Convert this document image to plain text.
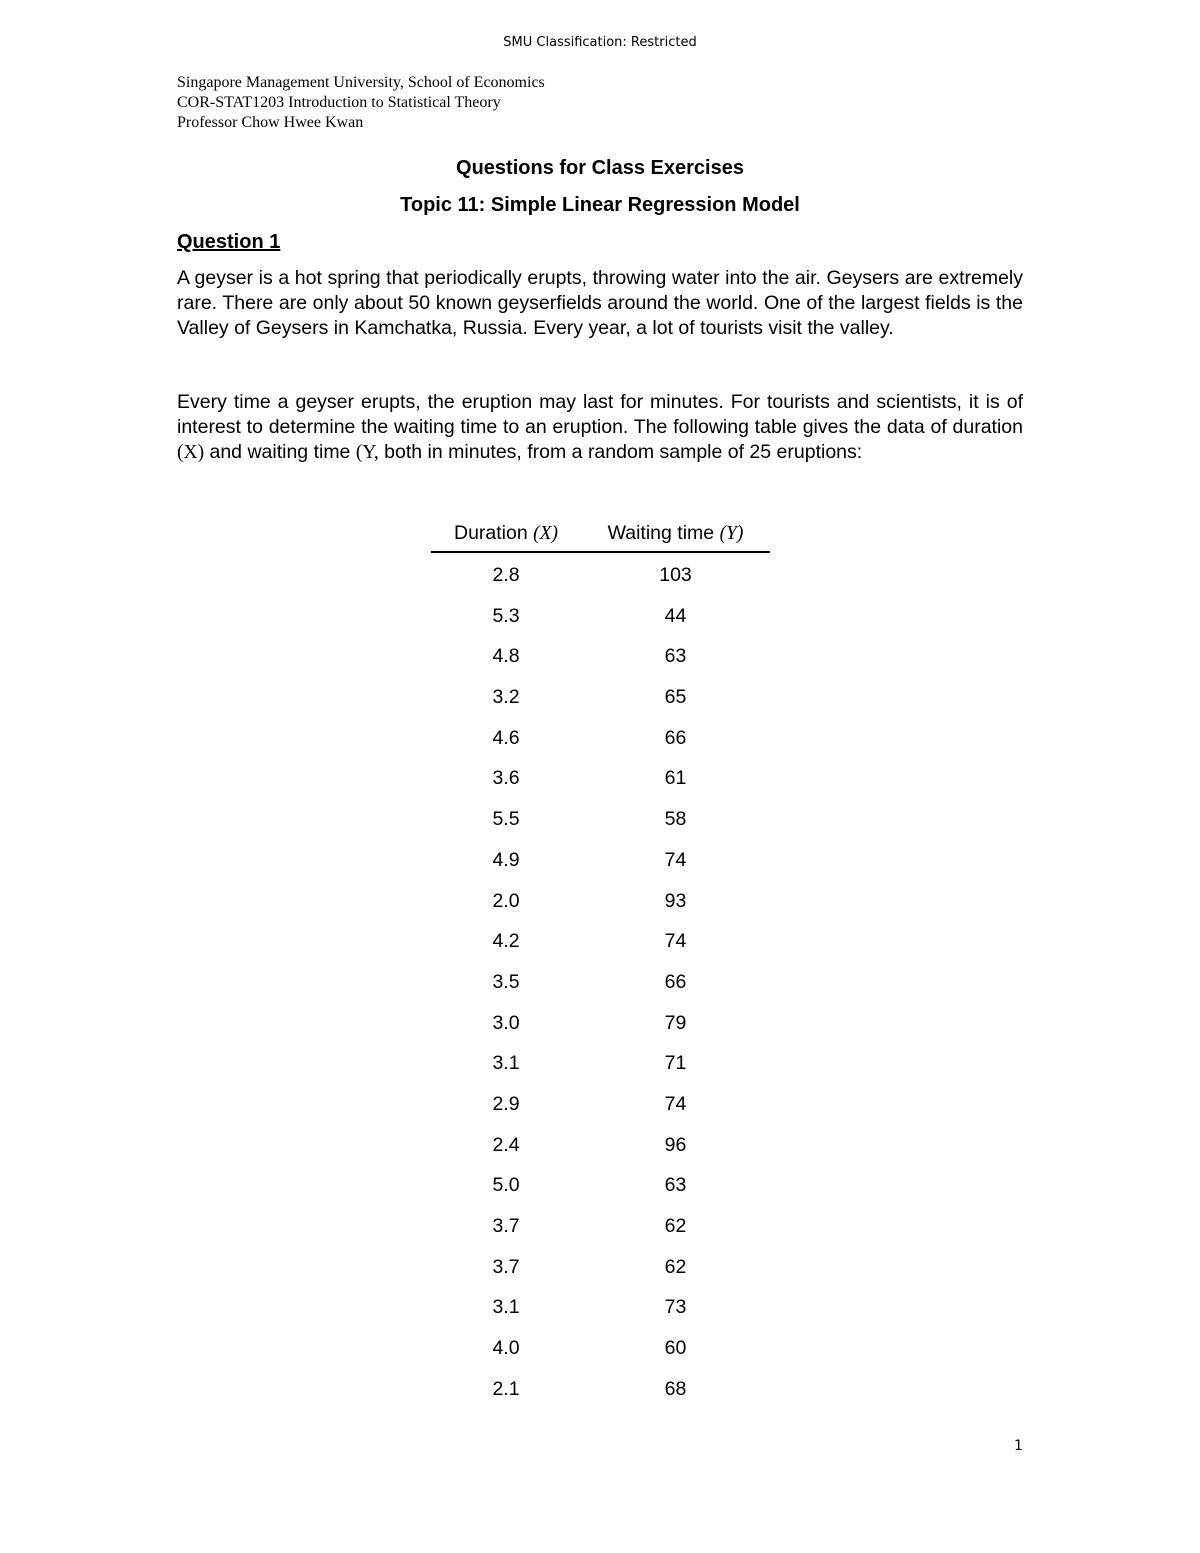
SMU Classification: Restricted
Singapore Management University, School of Economics
COR-STAT1203 Introduction to Statistical Theory
Professor Chow Hwee Kwan
Questions for Class Exercises
Topic 11: Simple Linear Regression Model
Question 1

A geyser is a hot spring that periodically erupts, throwing water into the air. Geysers are extremely rare. There are only about 50 known geyserfields around the world. One of the largest fields is the Valley of Geysers in Kamchatka, Russia. Every year, a lot of tourists visit the valley.

Every time a geyser erupts, the eruption may last for minutes. For tourists and scientists, it is of interest to determine the waiting time to an eruption. The following table gives the data of duration (X) and waiting time (Y, both in minutes, from a random sample of 25 eruptions:

Duration (X)	Waiting time (Y)
2.8	103
5.3	44
4.8	63
3.2	65
4.6	66
3.6	61
5.5	58
4.9	74
2.0	93
4.2	74
3.5	66
3.0	79
3.1	71
2.9	74
2.4	96
5.0	63
3.7	62
3.7	62
3.1	73
4.0	60
2.1	68
1
